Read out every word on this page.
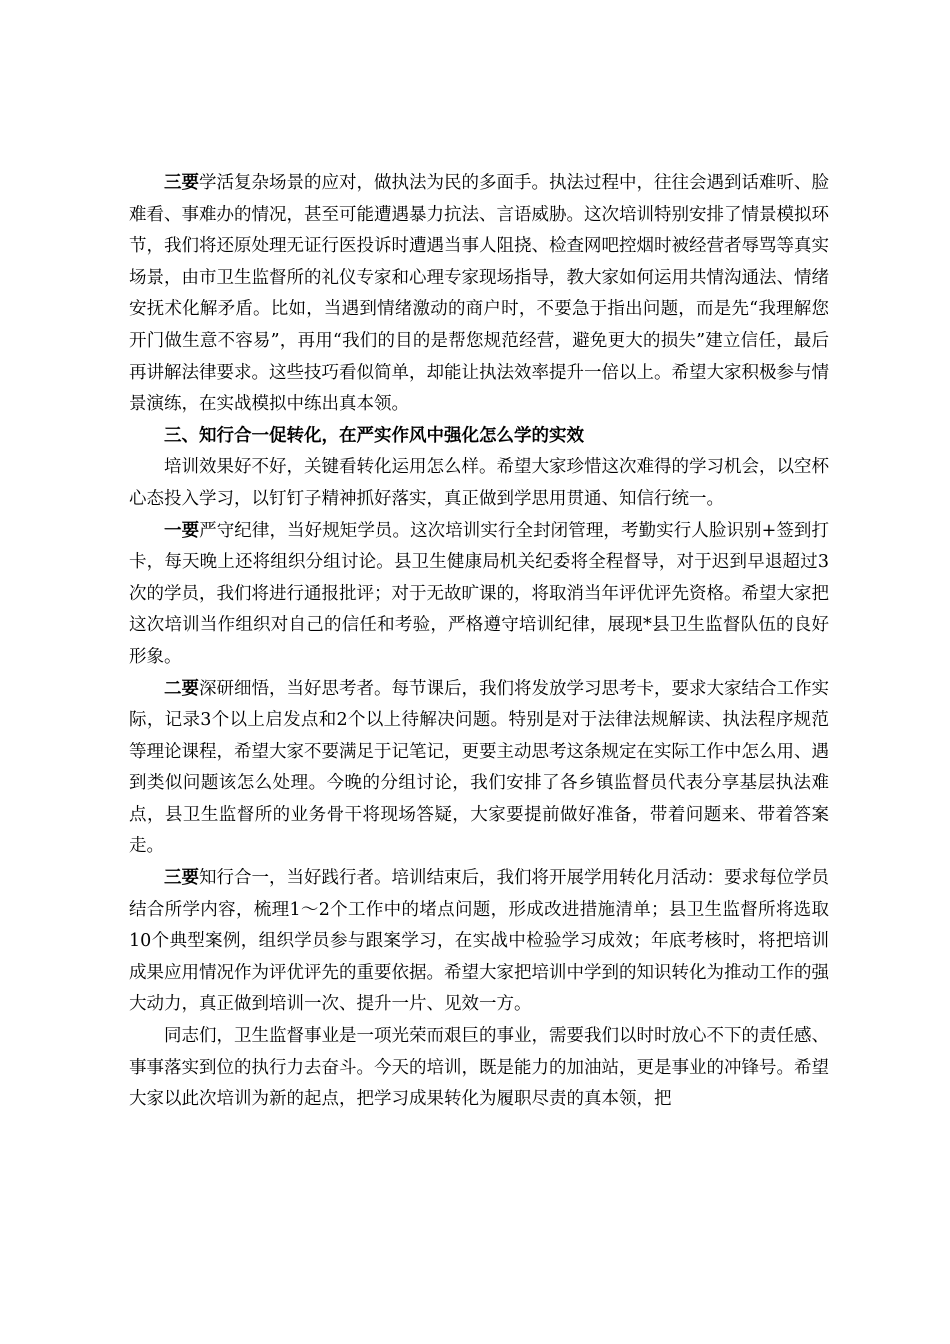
三要学活复杂场景的应对，做执法为民的多面手。执法过程中，往往会遇到话难听、脸难看、事难办的情况，甚至可能遭遇暴力抗法、言语威胁。这次培训特别安排了情景模拟环节，我们将还原处理无证行医投诉时遭遇当事人阻挠、检查网吧控烟时被经营者辱骂等真实场景，由市卫生监督所的礼仪专家和心理专家现场指导，教大家如何运用共情沟通法、情绪安抚术化解矛盾。比如，当遇到情绪激动的商户时，不要急于指出问题，而是先“我理解您开门做生意不容易”，再用“我们的目的是帮您规范经营，避免更大的损失”建立信任，最后再讲解法律要求。这些技巧看似简单，却能让执法效率提升一倍以上。希望大家积极参与情景演练，在实战模拟中练出真本领。

三、知行合一促转化，在严实作风中强化怎么学的实效

培训效果好不好，关键看转化运用怎么样。希望大家珍惜这次难得的学习机会，以空杯心态投入学习，以钉钉子精神抓好落实，真正做到学思用贯通、知信行统一。

一要严守纪律，当好规矩学员。这次培训实行全封闭管理，考勤实行人脸识别+签到打卡，每天晚上还将组织分组讨论。县卫生健康局机关纪委将全程督导，对于迟到早退超过3次的学员，我们将进行通报批评；对于无故旷课的，将取消当年评优评先资格。希望大家把这次培训当作组织对自己的信任和考验，严格遵守培训纪律，展现*县卫生监督队伍的良好形象。

二要深研细悟，当好思考者。每节课后，我们将发放学习思考卡，要求大家结合工作实际，记录3个以上启发点和2个以上待解决问题。特别是对于法律法规解读、执法程序规范等理论课程，希望大家不要满足于记笔记，更要主动思考这条规定在实际工作中怎么用、遇到类似问题该怎么处理。今晚的分组讨论，我们安排了各乡镇监督员代表分享基层执法难点，县卫生监督所的业务骨干将现场答疑，大家要提前做好准备，带着问题来、带着答案走。

三要知行合一，当好践行者。培训结束后，我们将开展学用转化月活动：要求每位学员结合所学内容，梳理1～2个工作中的堵点问题，形成改进措施清单；县卫生监督所将选取10个典型案例，组织学员参与跟案学习，在实战中检验学习成效；年底考核时，将把培训成果应用情况作为评优评先的重要依据。希望大家把培训中学到的知识转化为推动工作的强大动力，真正做到培训一次、提升一片、见效一方。

同志们，卫生监督事业是一项光荣而艰巨的事业，需要我们以时时放心不下的责任感、事事落实到位的执行力去奋斗。今天的培训，既是能力的加油站，更是事业的冲锋号。希望大家以此次培训为新的起点，把学习成果转化为履职尽责的真本领，把
